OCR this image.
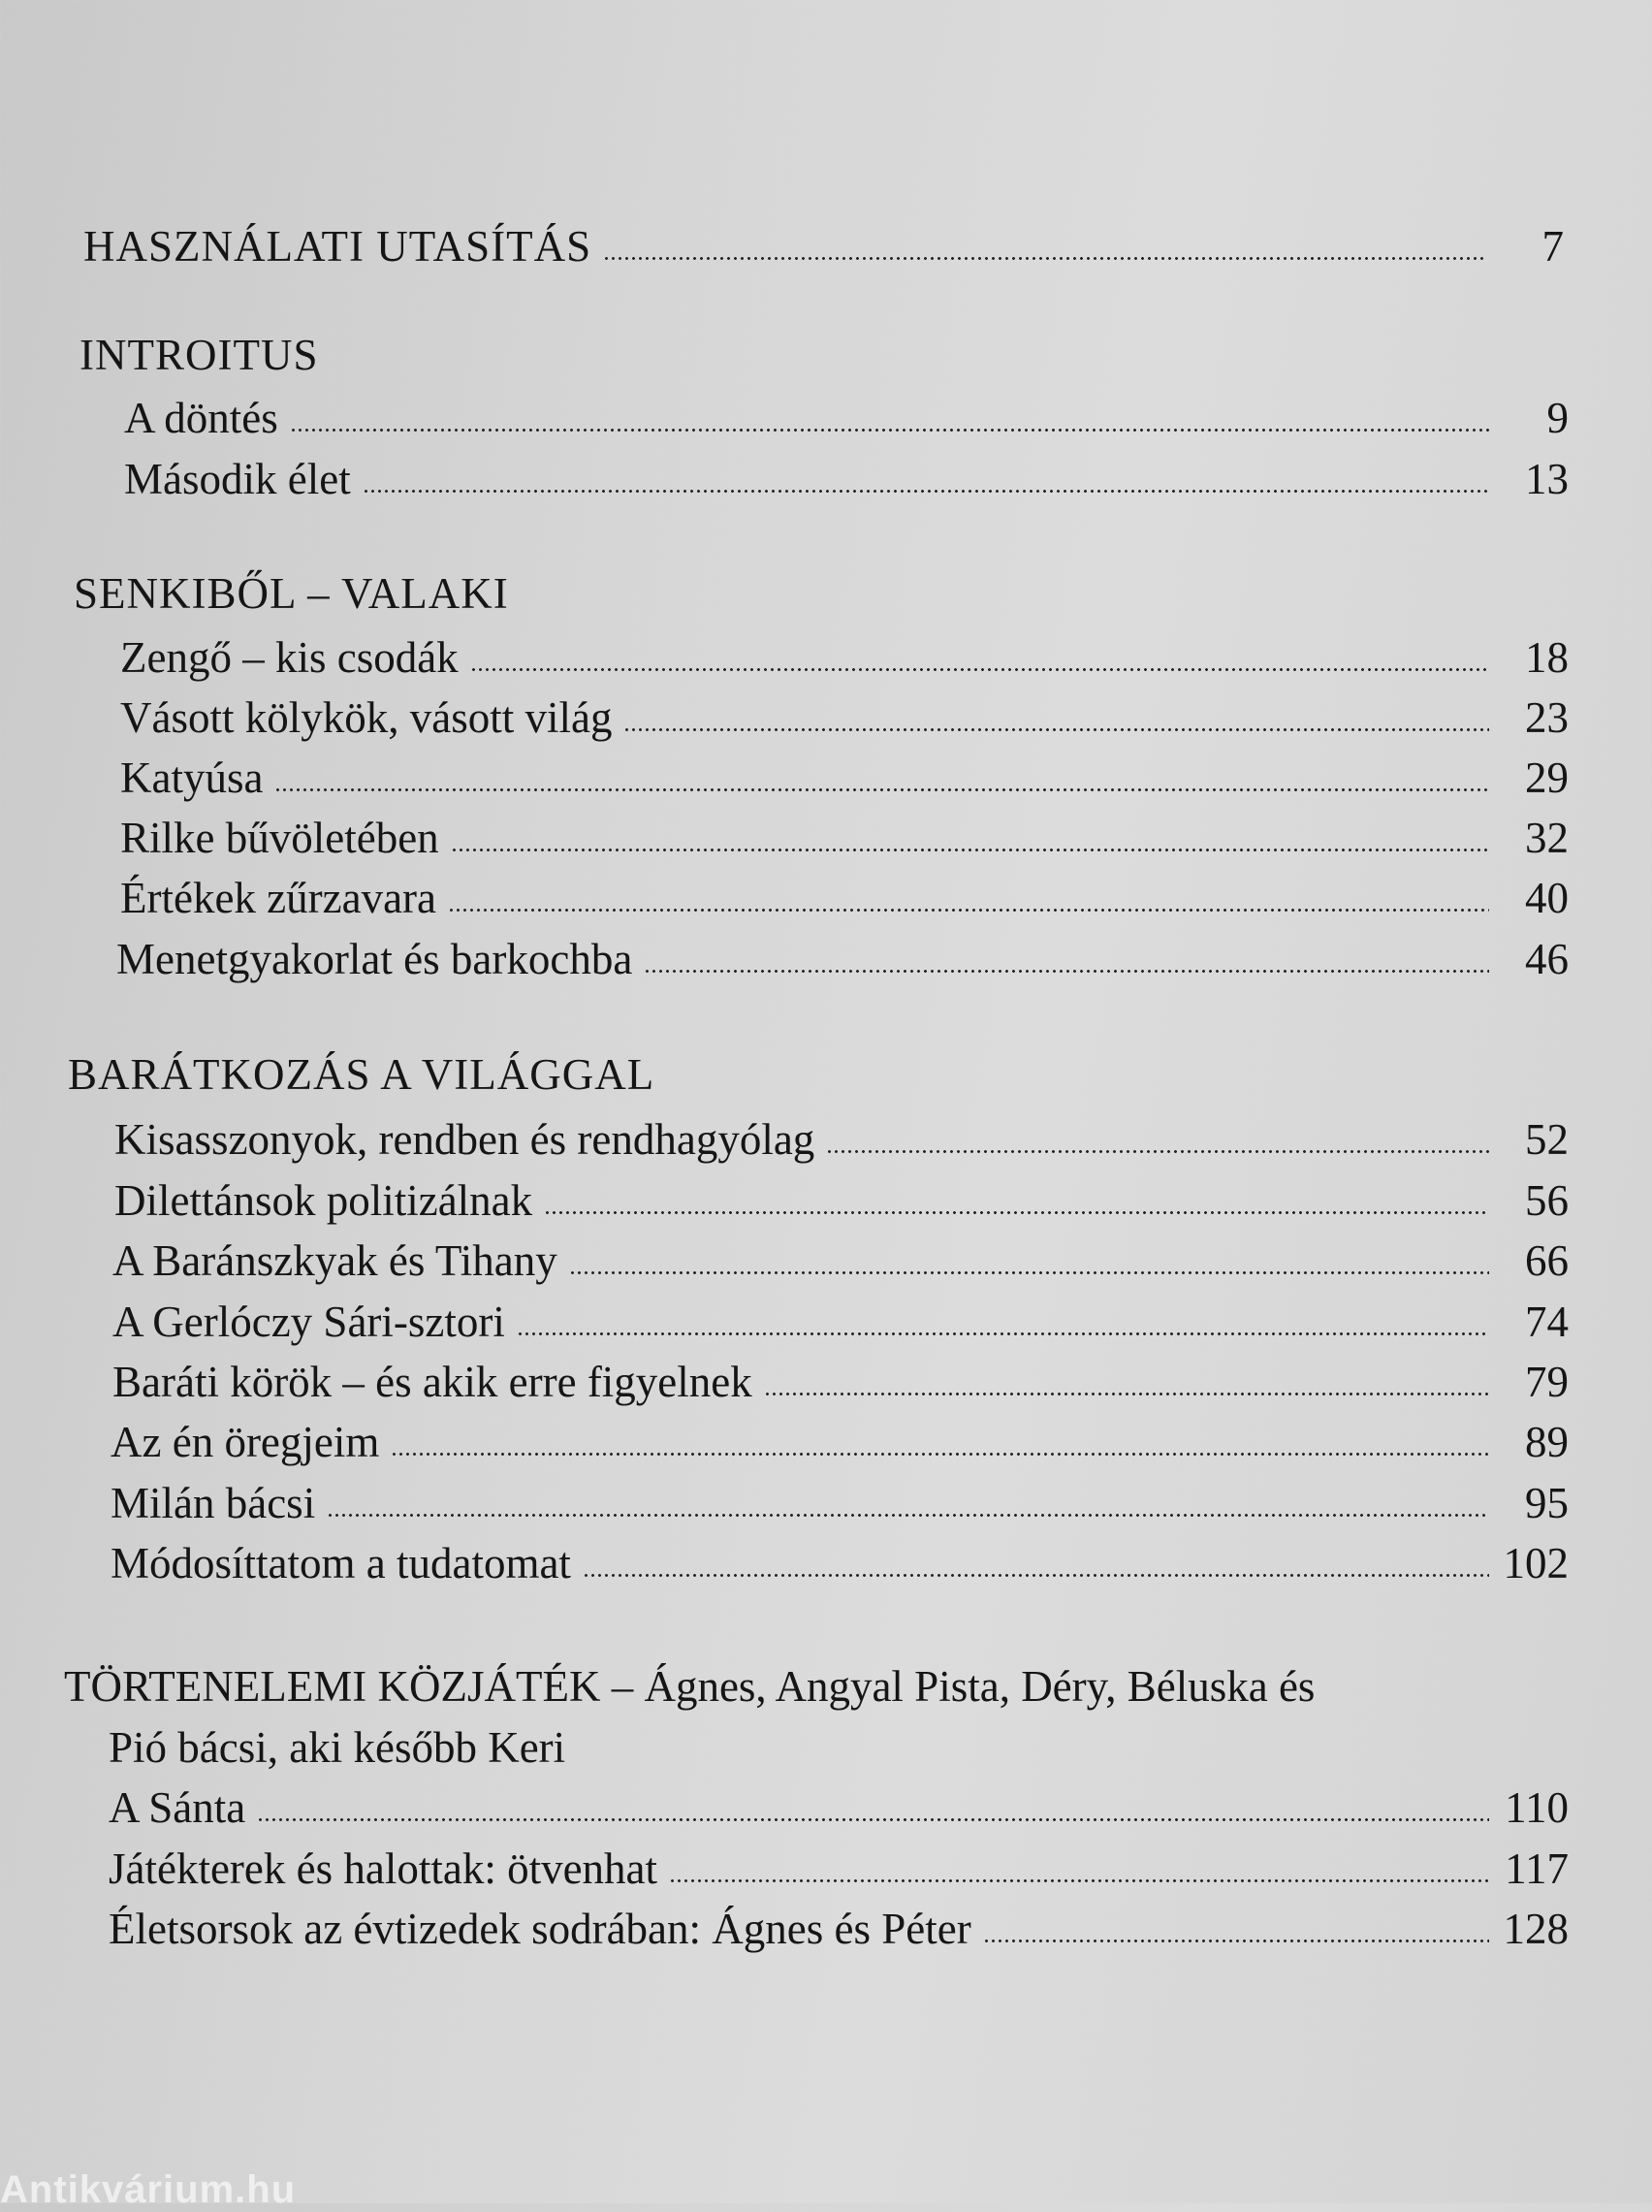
HASZNÁLATI UTASÍTÁS	7
INTROITUS
A döntés	9
Második élet	13
SENKIBŐL – VALAKI
Zengő – kis csodák	18
Vásott kölykök, vásott világ	23
Katyúsa	29
Rilke bűvöletében	32
Értékek zűrzavara	40
Menetgyakorlat és barkochba	46
BARÁTKOZÁS A VILÁGGAL
Kisasszonyok, rendben és rendhagyólag	52
Dilettánsok politizálnak	56
A Baránszkyak és Tihany	66
A Gerlóczy Sári-sztori	74
Baráti körök – és akik erre figyelnek	79
Az én öregjeim	89
Milán bácsi	95
Módosíttatom a tudatomat	102
TÖRTENELEMI KÖZJÁTÉK – Ágnes, Angyal Pista, Déry, Béluska és
Pió bácsi, aki később Keri
A Sánta	110
Játékterek és halottak: ötvenhat	117
Életsorsok az évtizedek sodrában: Ágnes és Péter	128
Antikvárium.hu
